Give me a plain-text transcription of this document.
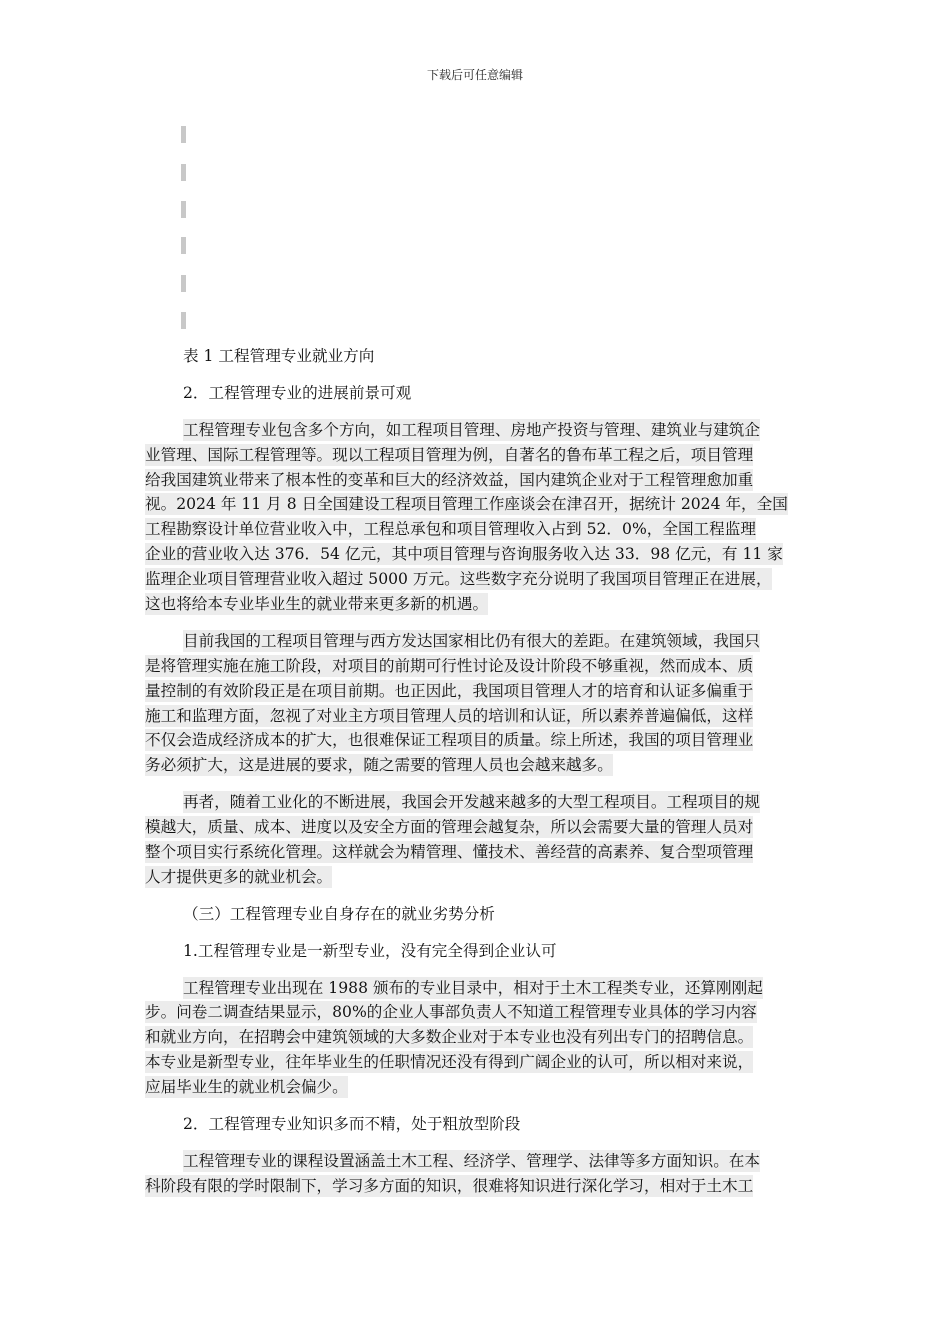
下载后可任意编辑
表 1 工程管理专业就业方向
2．工程管理专业的进展前景可观
工程管理专业包含多个方向，如工程项目管理、房地产投资与管理、建筑业与建筑企
业管理、国际工程管理等。现以工程项目管理为例，自著名的鲁布革工程之后，项目管理
给我国建筑业带来了根本性的变革和巨大的经济效益，国内建筑企业对于工程管理愈加重
视。2024 年 11 月 8 日全国建设工程项目管理工作座谈会在津召开，据统计 2024 年，全国
工程勘察设计单位营业收入中，工程总承包和项目管理收入占到 52．0%，全国工程监理
企业的营业收入达 376．54 亿元，其中项目管理与咨询服务收入达 33．98 亿元，有 11 家
监理企业项目管理营业收入超过 5000 万元。这些数字充分说明了我国项目管理正在进展，
这也将给本专业毕业生的就业带来更多新的机遇。
目前我国的工程项目管理与西方发达国家相比仍有很大的差距。在建筑领域，我国只
是将管理实施在施工阶段，对项目的前期可行性讨论及设计阶段不够重视，然而成本、质
量控制的有效阶段正是在项目前期。也正因此，我国项目管理人才的培育和认证多偏重于
施工和监理方面，忽视了对业主方项目管理人员的培训和认证，所以素养普遍偏低，这样
不仅会造成经济成本的扩大，也很难保证工程项目的质量。综上所述，我国的项目管理业
务必须扩大，这是进展的要求，随之需要的管理人员也会越来越多。
再者，随着工业化的不断进展，我国会开发越来越多的大型工程项目。工程项目的规
模越大，质量、成本、进度以及安全方面的管理会越复杂，所以会需要大量的管理人员对
整个项目实行系统化管理。这样就会为精管理、懂技术、善经营的高素养、复合型项管理
人才提供更多的就业机会。
（三）工程管理专业自身存在的就业劣势分析
1.工程管理专业是一新型专业，没有完全得到企业认可
工程管理专业出现在 1988 颁布的专业目录中，相对于土木工程类专业，还算刚刚起
步。问卷二调查结果显示，80%的企业人事部负责人不知道工程管理专业具体的学习内容
和就业方向，在招聘会中建筑领域的大多数企业对于本专业也没有列出专门的招聘信息。
本专业是新型专业，往年毕业生的任职情况还没有得到广阔企业的认可，所以相对来说，
应届毕业生的就业机会偏少。
2．工程管理专业知识多而不精，处于粗放型阶段
工程管理专业的课程设置涵盖土木工程、经济学、管理学、法律等多方面知识。在本
科阶段有限的学时限制下，学习多方面的知识，很难将知识进行深化学习，相对于土木工
